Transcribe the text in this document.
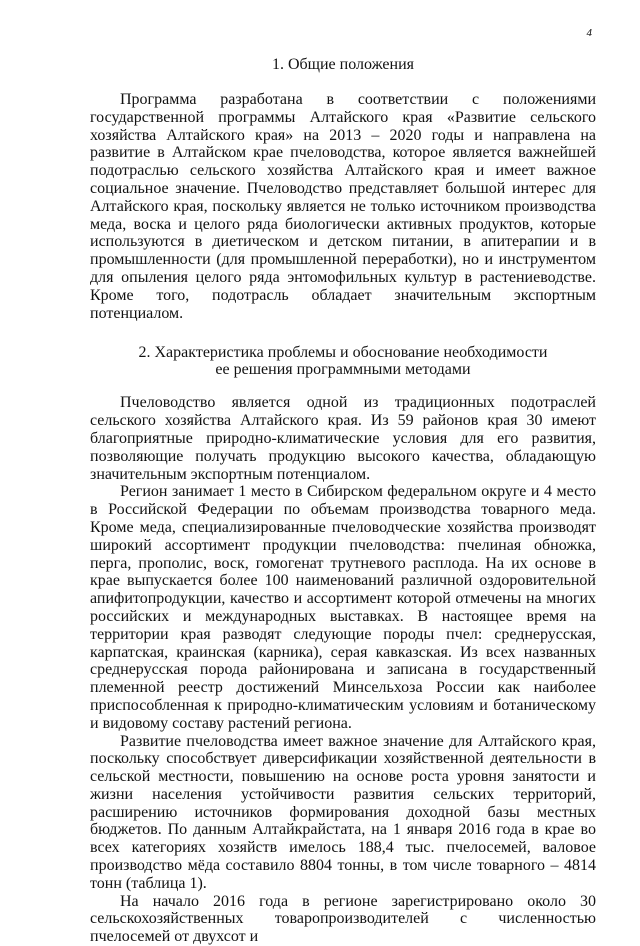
4
1. Общие положения

Программа разработана в соответствии с положениями государственной программы Алтайского края «Развитие сельского хозяйства Алтайского края» на 2013 – 2020 годы и направлена на развитие в Алтайском крае пчеловодства, которое является важнейшей подотраслью сельского хозяйства Алтайского края и имеет важное социальное значение. Пчеловодство представляет большой интерес для Алтайского края, поскольку является не только источником производства меда, воска и целого ряда биологически активных продуктов, которые используются в диетическом и детском питании, в апитерапии и в промышленности (для промышленной переработки), но и инструментом для опыления целого ряда энтомофильных культур в растениеводстве. Кроме того, подотрасль обладает значительным экспортным потенциалом.

2. Характеристика проблемы и обоснование необходимости
ее решения программными методами

Пчеловодство является одной из традиционных подотраслей сельского хозяйства Алтайского края. Из 59 районов края 30 имеют благоприятные природно-климатические условия для его развития, позволяющие получать продукцию высокого качества, обладающую значительным экспортным потенциалом.

Регион занимает 1 место в Сибирском федеральном округе и 4 место в Российской Федерации по объемам производства товарного меда. Кроме меда, специализированные пчеловодческие хозяйства производят широкий ассортимент продукции пчеловодства: пчелиная обножка, перга, прополис, воск, гомогенат трутневого расплода. На их основе в крае выпускается более 100 наименований различной оздоровительной апифитопродукции, качество и ассортимент которой отмечены на многих российских и международных выставках. В настоящее время на территории края разводят следующие породы пчел: среднерусская, карпатская, краинская (карника), серая кавказская. Из всех названных среднерусская порода районирована и записана в государственный племенной реестр достижений Минсельхоза России как наиболее приспособленная к природно-климатическим условиям и ботаническому и видовому составу растений региона.

Развитие пчеловодства имеет важное значение для Алтайского края, поскольку способствует диверсификации хозяйственной деятельности в сельской местности, повышению на основе роста уровня занятости и жизни населения устойчивости развития сельских территорий, расширению источников формирования доходной базы местных бюджетов. По данным Алтайкрайстата, на 1 января 2016 года в крае во всех категориях хозяйств имелось 188,4 тыс. пчелосемей, валовое производство мёда составило 8804 тонны, в том числе товарного – 4814 тонн (таблица 1).

На начало 2016 года в регионе зарегистрировано около 30 сельскохозяйственных товаропроизводителей с численностью пчелосемей от двухсот и
